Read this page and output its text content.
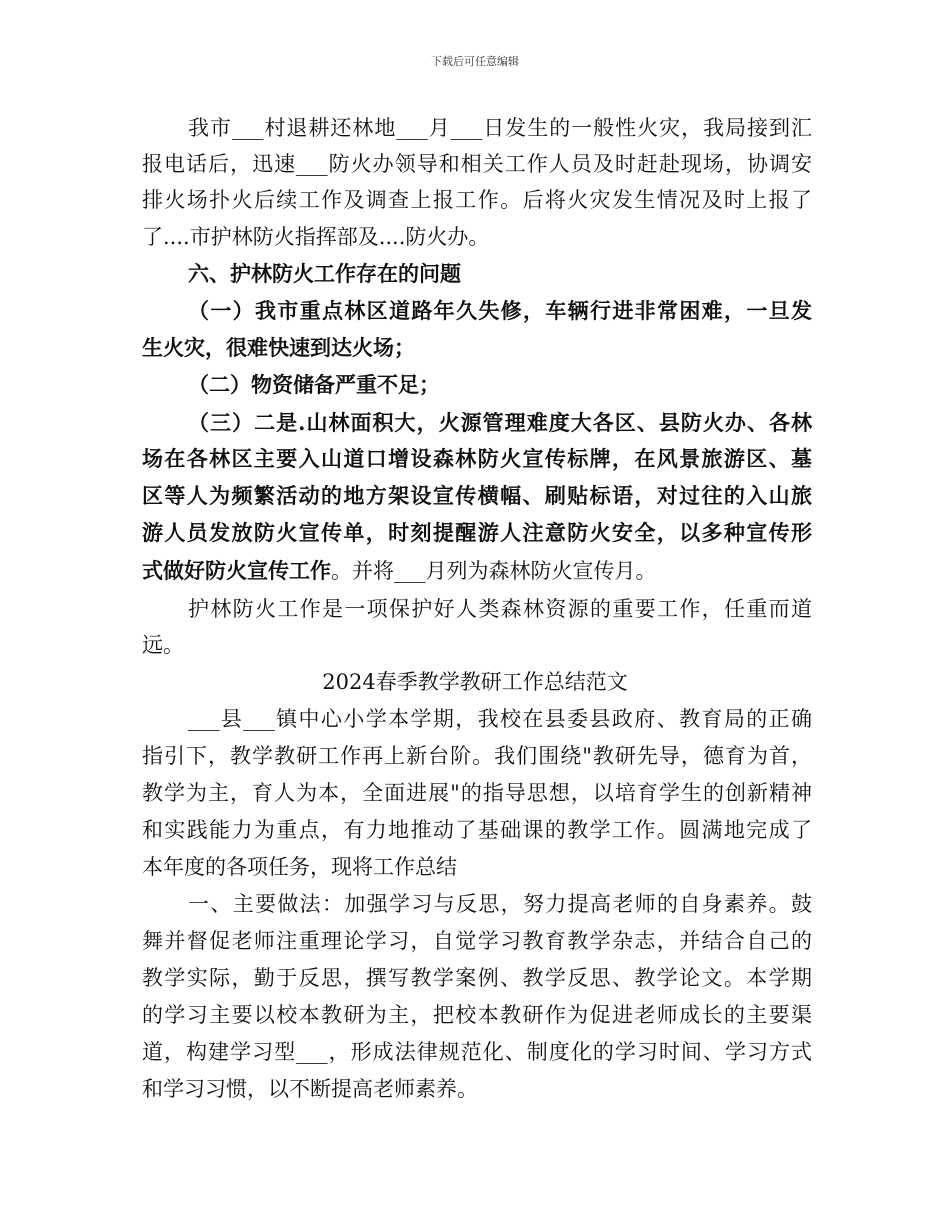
下载后可任意编辑
我市___村退耕还林地___月___日发生的一般性火灾，我局接到汇
报电话后，迅速___防火办领导和相关工作人员及时赶赴现场，协调安
排火场扑火后续工作及调查上报工作。后将火灾发生情况及时上报了
了....市护林防火指挥部及....防火办。
六、护林防火工作存在的问题
（一）我市重点林区道路年久失修，车辆行进非常困难，一旦发
生火灾，很难快速到达火场；
（二）物资储备严重不足；
（三）二是.山林面积大，火源管理难度大各区、县防火办、各林
场在各林区主要入山道口增设森林防火宣传标牌，在风景旅游区、墓
区等人为频繁活动的地方架设宣传横幅、刷贴标语，对过往的入山旅
游人员发放防火宣传单，时刻提醒游人注意防火安全，以多种宣传形
式做好防火宣传工作。并将___月列为森林防火宣传月。
护林防火工作是一项保护好人类森林资源的重要工作，任重而道
远。
2024春季教学教研工作总结范文
___县___镇中心小学本学期，我校在县委县政府、教育局的正确
指引下，教学教研工作再上新台阶。我们围绕"教研先导，德育为首，
教学为主，育人为本，全面进展"的指导思想，以培育学生的创新精神
和实践能力为重点，有力地推动了基础课的教学工作。圆满地完成了
本年度的各项任务，现将工作总结
一、主要做法：加强学习与反思，努力提高老师的自身素养。鼓
舞并督促老师注重理论学习，自觉学习教育教学杂志，并结合自己的
教学实际，勤于反思，撰写教学案例、教学反思、教学论文。本学期
的学习主要以校本教研为主，把校本教研作为促进老师成长的主要渠
道，构建学习型___，形成法律规范化、制度化的学习时间、学习方式
和学习习惯，以不断提高老师素养。
